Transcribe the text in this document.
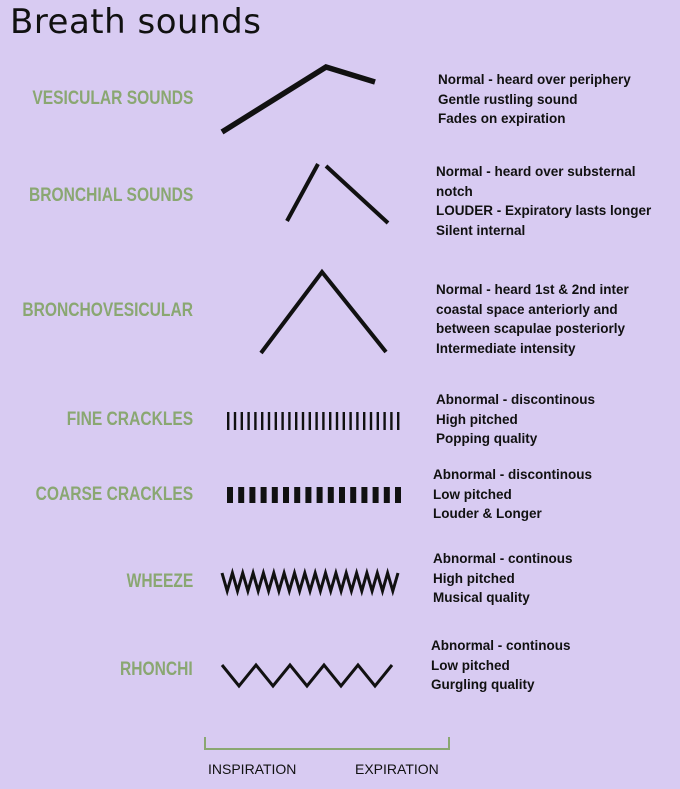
Breath sounds
VESICULAR SOUNDS
BRONCHIAL SOUNDS
BRONCHOVESICULAR
FINE CRACKLES
COARSE CRACKLES
WHEEZE
RHONCHI
Normal - heard over periphery
Gentle rustling sound
Fades on expiration
Normal - heard over substernal
notch
LOUDER - Expiratory lasts longer
Silent internal
Normal - heard 1st & 2nd inter
coastal space anteriorly and
between scapulae posteriorly
Intermediate intensity
Abnormal - discontinous
High pitched
Popping quality
Abnormal - discontinous
Low pitched
Louder & Longer
Abnormal - continous
High pitched
Musical quality
Abnormal - continous
Low pitched
Gurgling quality
INSPIRATION	EXPIRATION
